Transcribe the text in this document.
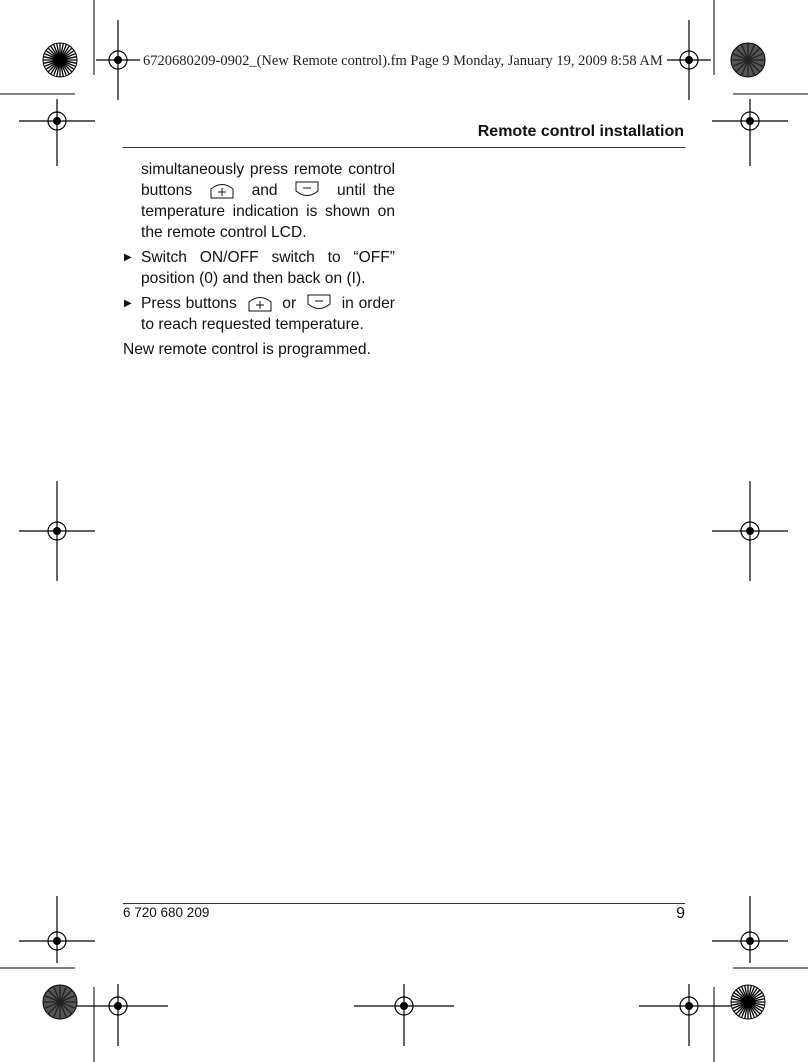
6720680209-0902_(New Remote control).fm Page 9 Monday, January 19, 2009 8:58 AM
Remote control installation

simultaneously press remote control buttons	and	until the temperature indication is shown on the remote control LCD.

▶ Switch ON/OFF switch to “OFF” position (0) and then back on (I).

▶ Press buttons	or	in order to reach requested temperature.

New remote control is programmed.

6 720 680 209	9
